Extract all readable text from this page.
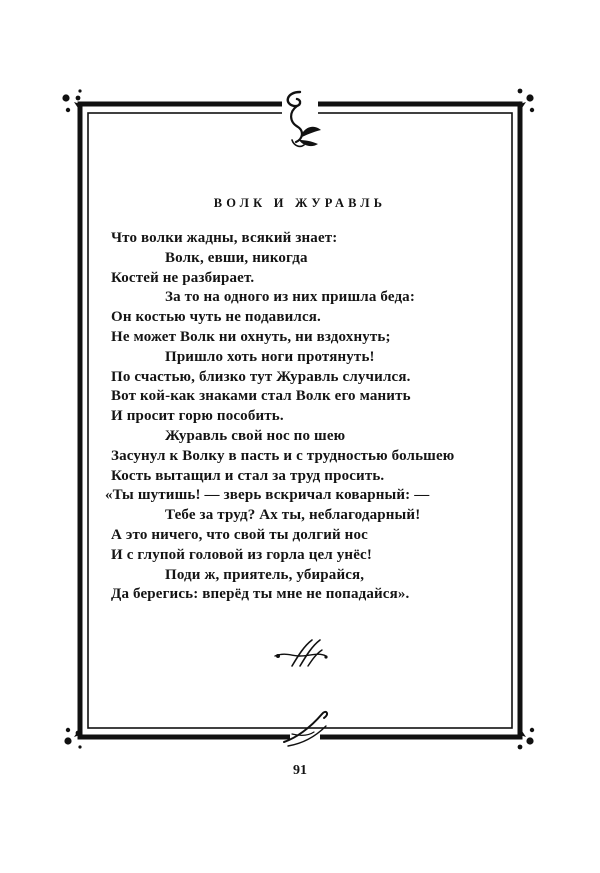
ВОЛК И ЖУРАВЛЬ
Что волки жадны, всякий знает:
Волк, евши, никогда
Костей не разбирает.
За то на одного из них пришла беда:
Он костью чуть не подавился.
Не может Волк ни охнуть, ни вздохнуть;
Пришло хоть ноги протянуть!
По счастью, близко тут Журавль случился.
Вот кой-как знаками стал Волк его манить
И просит горю пособить.
Журавль свой нос по шею
Засунул к Волку в пасть и с трудностью большею
Кость вытащил и стал за труд просить.
«Ты шутишь! — зверь вскричал коварный: —
Тебе за труд? Ах ты, неблагодарный!
А это ничего, что свой ты долгий нос
И с глупой головой из горла цел унёс!
Поди ж, приятель, убирайся,
Да берегись: вперёд ты мне не попадайся».

91
